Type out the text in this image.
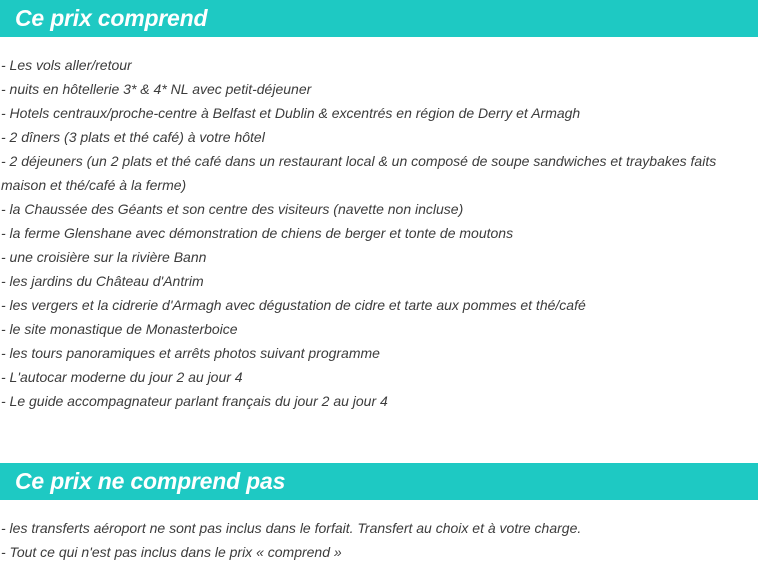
Ce prix comprend
- Les vols aller/retour
- nuits en hôtellerie 3* & 4* NL avec petit-déjeuner
- Hotels centraux/proche-centre à Belfast et Dublin & excentrés en région de Derry et Armagh
- 2 dîners (3 plats et thé café) à votre hôtel
- 2 déjeuners (un 2 plats et thé café dans un restaurant local & un composé de soupe sandwiches et traybakes faits maison et thé/café à la ferme)
- la Chaussée des Géants et son centre des visiteurs (navette non incluse)
- la ferme Glenshane avec démonstration de chiens de berger et tonte de moutons
- une croisière sur la rivière Bann
- les jardins du Château d'Antrim
- les vergers et la cidrerie d'Armagh avec dégustation de cidre et tarte aux pommes et thé/café
- le site monastique de Monasterboice
- les tours panoramiques et arrêts photos suivant programme
- L'autocar moderne du jour 2 au jour 4
- Le guide accompagnateur parlant français du jour 2 au jour 4
Ce prix ne comprend pas
- les transferts aéroport ne sont pas inclus dans le forfait. Transfert au choix et à votre charge.
- Tout ce qui n'est pas inclus dans le prix « comprend »
